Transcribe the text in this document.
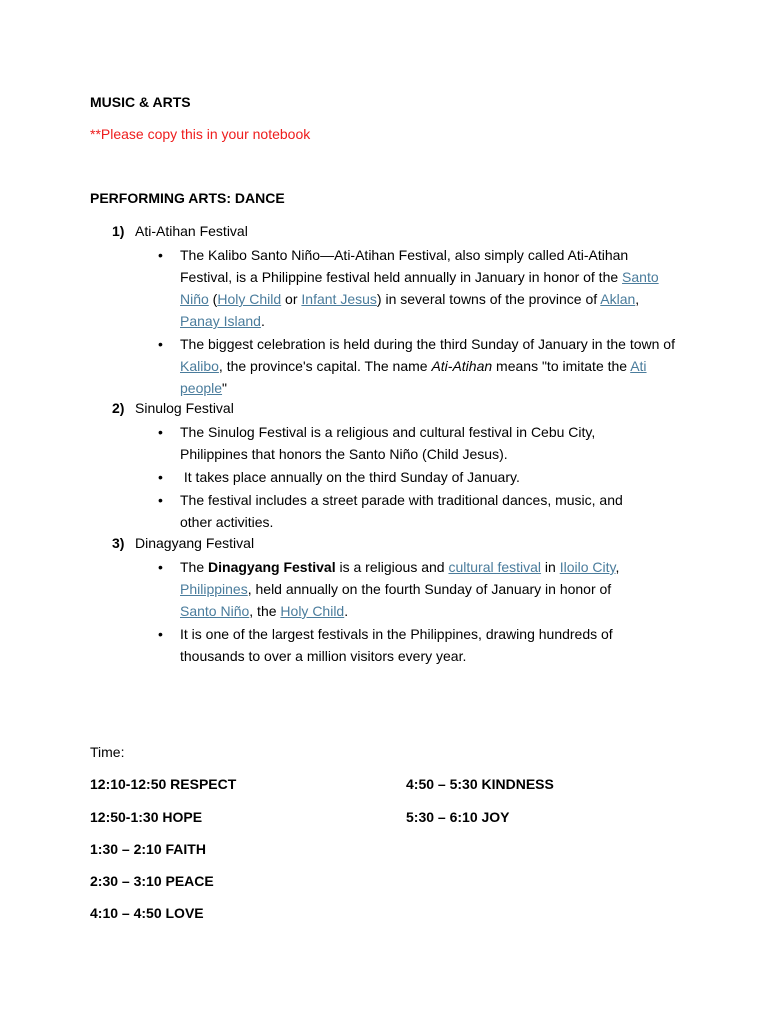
MUSIC & ARTS
**Please copy this in your notebook
PERFORMING ARTS: DANCE
1) Ati-Atihan Festival
• The Kalibo Santo Niño—Ati-Atihan Festival, also simply called Ati-Atihan Festival, is a Philippine festival held annually in January in honor of the Santo Niño (Holy Child or Infant Jesus) in several towns of the province of Aklan, Panay Island.
• The biggest celebration is held during the third Sunday of January in the town of Kalibo, the province's capital. The name Ati-Atihan means "to imitate the Ati people"
2) Sinulog Festival
• The Sinulog Festival is a religious and cultural festival in Cebu City, Philippines that honors the Santo Niño (Child Jesus).
• It takes place annually on the third Sunday of January.
• The festival includes a street parade with traditional dances, music, and other activities.
3) Dinagyang Festival
• The Dinagyang Festival is a religious and cultural festival in Iloilo City, Philippines, held annually on the fourth Sunday of January in honor of Santo Niño, the Holy Child.
• It is one of the largest festivals in the Philippines, drawing hundreds of thousands to over a million visitors every year.
Time:
12:10-12:50 RESPECT
12:50-1:30 HOPE
1:30 – 2:10 FAITH
2:30 – 3:10 PEACE
4:10 – 4:50 LOVE
4:50 – 5:30 KINDNESS
5:30 – 6:10 JOY
